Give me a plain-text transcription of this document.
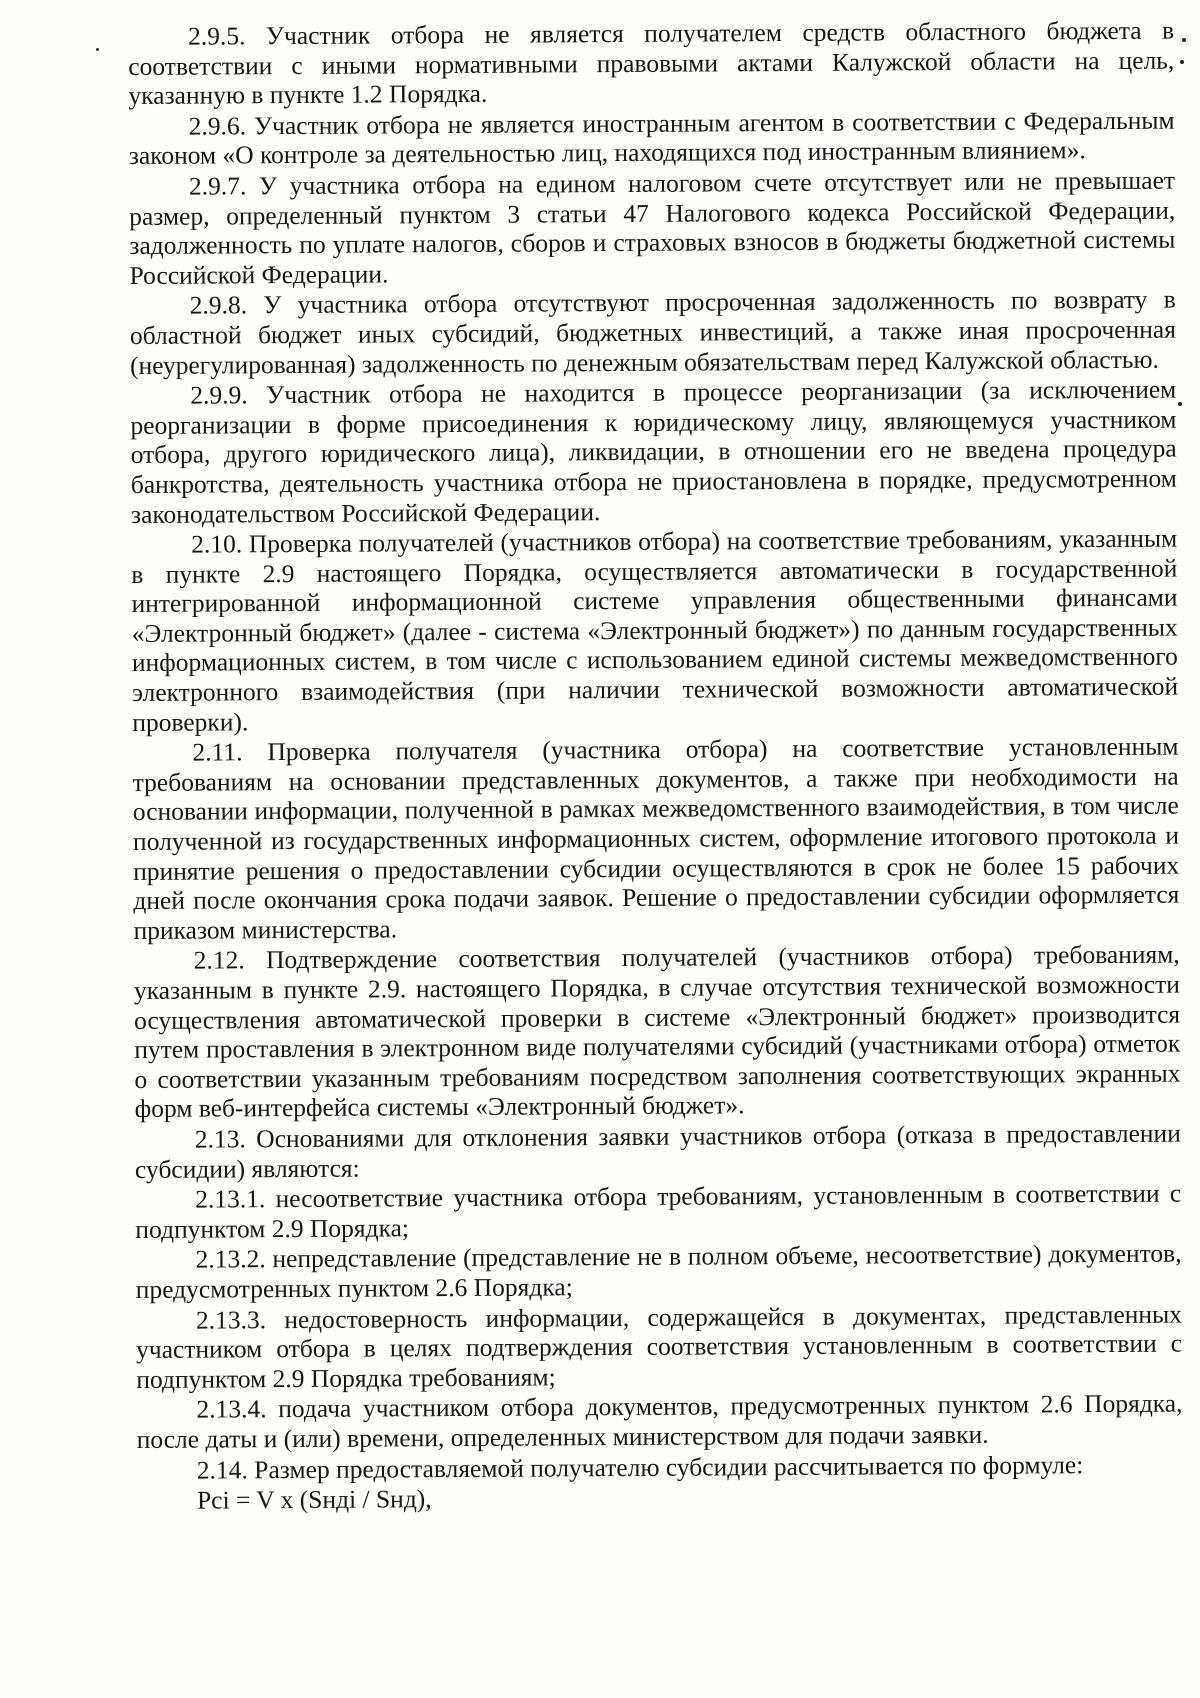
2.9.5. Участник отбора не является получателем средств областного бюджета в соответствии с иными нормативными правовыми актами Калужской области на цель, указанную в пункте 1.2 Порядка.

2.9.6. Участник отбора не является иностранным агентом в соответствии с Федеральным законом «О контроле за деятельностью лиц, находящихся под иностранным влиянием».

2.9.7. У участника отбора на едином налоговом счете отсутствует или не превышает размер, определенный пунктом 3 статьи 47 Налогового кодекса Российской Федерации, задолженность по уплате налогов, сборов и страховых взносов в бюджеты бюджетной системы Российской Федерации.

2.9.8. У участника отбора отсутствуют просроченная задолженность по возврату в областной бюджет иных субсидий, бюджетных инвестиций, а также иная просроченная (неурегулированная) задолженность по денежным обязательствам перед Калужской областью.

2.9.9. Участник отбора не находится в процессе реорганизации (за исключением реорганизации в форме присоединения к юридическому лицу, являющемуся участником отбора, другого юридического лица), ликвидации, в отношении его не введена процедура банкротства, деятельность участника отбора не приостановлена в порядке, предусмотренном законодательством Российской Федерации.

2.10. Проверка получателей (участников отбора) на соответствие требованиям, указанным в пункте 2.9 настоящего Порядка, осуществляется автоматически в государственной интегрированной информационной системе управления общественными финансами «Электронный бюджет» (далее - система «Электронный бюджет») по данным государственных информационных систем, в том числе с использованием единой системы межведомственного электронного взаимодействия (при наличии технической возможности автоматической проверки).

2.11. Проверка получателя (участника отбора) на соответствие установленным требованиям на основании представленных документов, а также при необходимости на основании информации, полученной в рамках межведомственного взаимодействия, в том числе полученной из государственных информационных систем, оформление итогового протокола и принятие решения о предоставлении субсидии осуществляются в срок не более 15 рабочих дней после окончания срока подачи заявок. Решение о предоставлении субсидии оформляется приказом министерства.

2.12. Подтверждение соответствия получателей (участников отбора) требованиям, указанным в пункте 2.9. настоящего Порядка, в случае отсутствия технической возможности осуществления автоматической проверки в системе «Электронный бюджет» производится путем проставления в электронном виде получателями субсидий (участниками отбора) отметок о соответствии указанным требованиям посредством заполнения соответствующих экранных форм веб-интерфейса системы «Электронный бюджет».

2.13. Основаниями для отклонения заявки участников отбора (отказа в предоставлении субсидии) являются:

2.13.1. несоответствие участника отбора требованиям, установленным в соответствии с подпунктом 2.9 Порядка;

2.13.2. непредставление (представление не в полном объеме, несоответствие) документов, предусмотренных пунктом 2.6 Порядка;

2.13.3. недостоверность информации, содержащейся в документах, представленных участником отбора в целях подтверждения соответствия установленным в соответствии с подпунктом 2.9 Порядка требованиям;

2.13.4. подача участником отбора документов, предусмотренных пунктом 2.6 Порядка, после даты и (или) времени, определенных министерством для подачи заявки.

2.14. Размер предоставляемой получателю субсидии рассчитывается по формуле:

Pci = V x (Sндi / Sнд),
